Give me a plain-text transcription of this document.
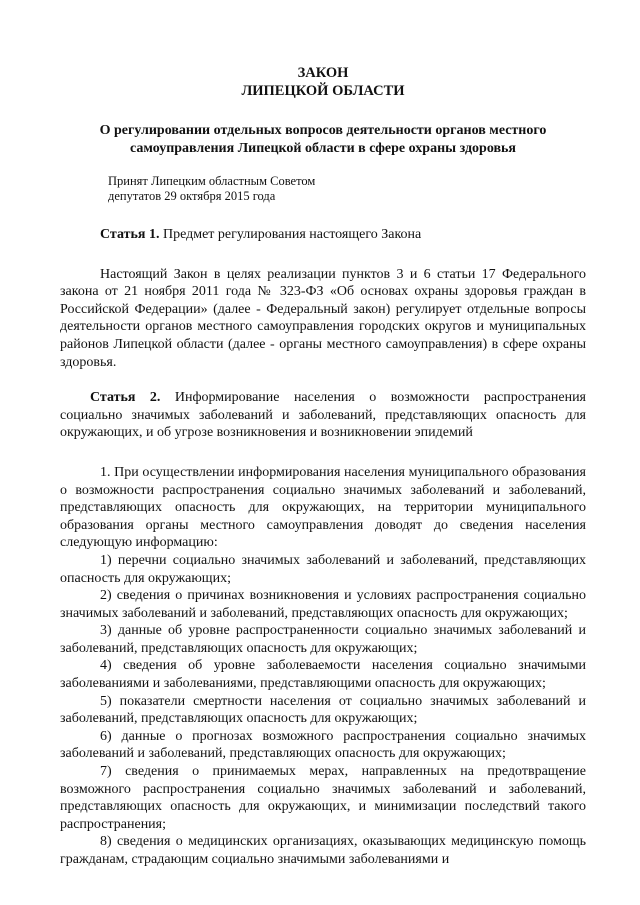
ЗАКОН
ЛИПЕЦКОЙ ОБЛАСТИ
О регулировании отдельных вопросов деятельности органов местного
самоуправления Липецкой области в сфере охраны здоровья
Принят Липецким областным Советом
депутатов 29 октября 2015 года
Статья 1. Предмет регулирования настоящего Закона

Настоящий Закон в целях реализации пунктов 3 и 6 статьи 17 Федерального закона от 21 ноября 2011 года № 323-ФЗ «Об основах охраны здоровья граждан в Российской Федерации» (далее - Федеральный закон) регулирует отдельные вопросы деятельности органов местного самоуправления городских округов и муниципальных районов Липецкой области (далее - органы местного самоуправления) в сфере охраны здоровья.

Статья 2. Информирование населения о возможности распространения социально значимых заболеваний и заболеваний, представляющих опасность для окружающих, и об угрозе возникновения и возникновении эпидемий

1. При осуществлении информирования населения муниципального образования о возможности распространения социально значимых заболеваний и заболеваний, представляющих опасность для окружающих, на территории муниципального образования органы местного самоуправления доводят до сведения населения следующую информацию:

1) перечни социально значимых заболеваний и заболеваний, представляющих опасность для окружающих;

2) сведения о причинах возникновения и условиях распространения социально значимых заболеваний и заболеваний, представляющих опасность для окружающих;

3) данные об уровне распространенности социально значимых заболеваний и заболеваний, представляющих опасность для окружающих;

4) сведения об уровне заболеваемости населения социально значимыми заболеваниями и заболеваниями, представляющими опасность для окружающих;

5) показатели смертности населения от социально значимых заболеваний и заболеваний, представляющих опасность для окружающих;

6) данные о прогнозах возможного распространения социально значимых заболеваний и заболеваний, представляющих опасность для окружающих;

7) сведения о принимаемых мерах, направленных на предотвращение возможного распространения социально значимых заболеваний и заболеваний, представляющих опасность для окружающих, и минимизации последствий такого распространения;

8) сведения о медицинских организациях, оказывающих медицинскую помощь гражданам, страдающим социально значимыми заболеваниями и
